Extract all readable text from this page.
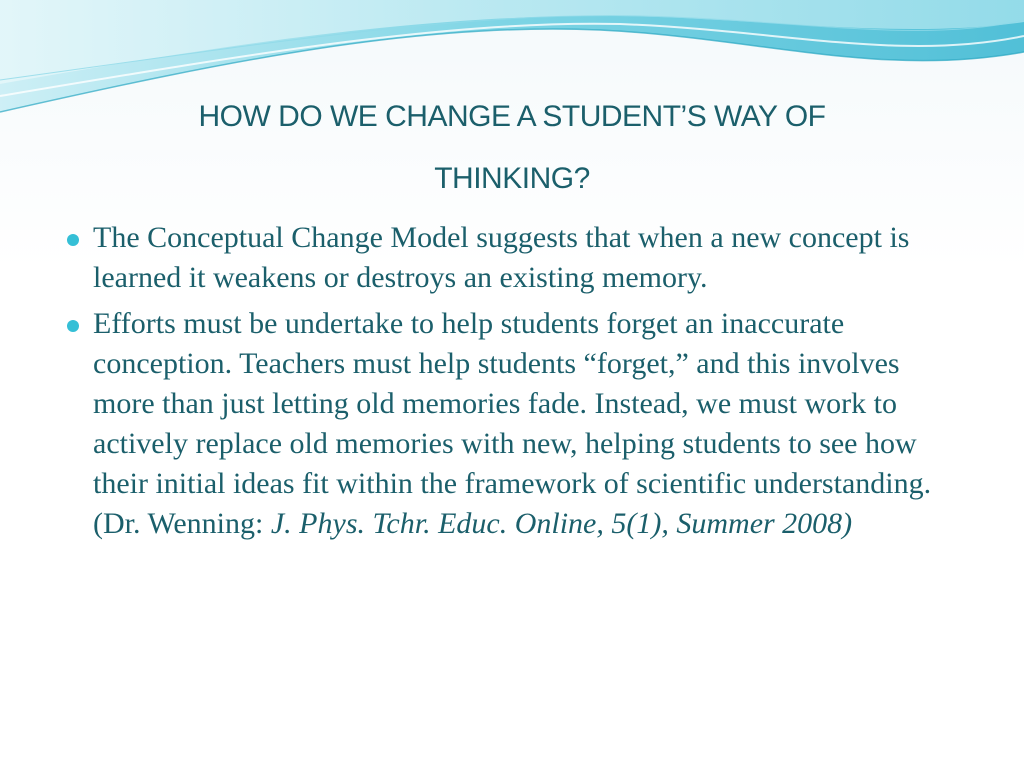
HOW DO WE CHANGE A STUDENT’S WAY OF
THINKING?
The Conceptual Change Model suggests that when a new concept is learned it weakens or destroys an existing memory.
Efforts must be undertake to help students forget an inaccurate conception. Teachers must help students “forget,” and this involves more than just letting old memories fade. Instead, we must work to actively replace old memories with new, helping students to see how their initial ideas fit within the framework of scientific understanding. (Dr. Wenning: J. Phys. Tchr. Educ. Online, 5(1), Summer 2008)
